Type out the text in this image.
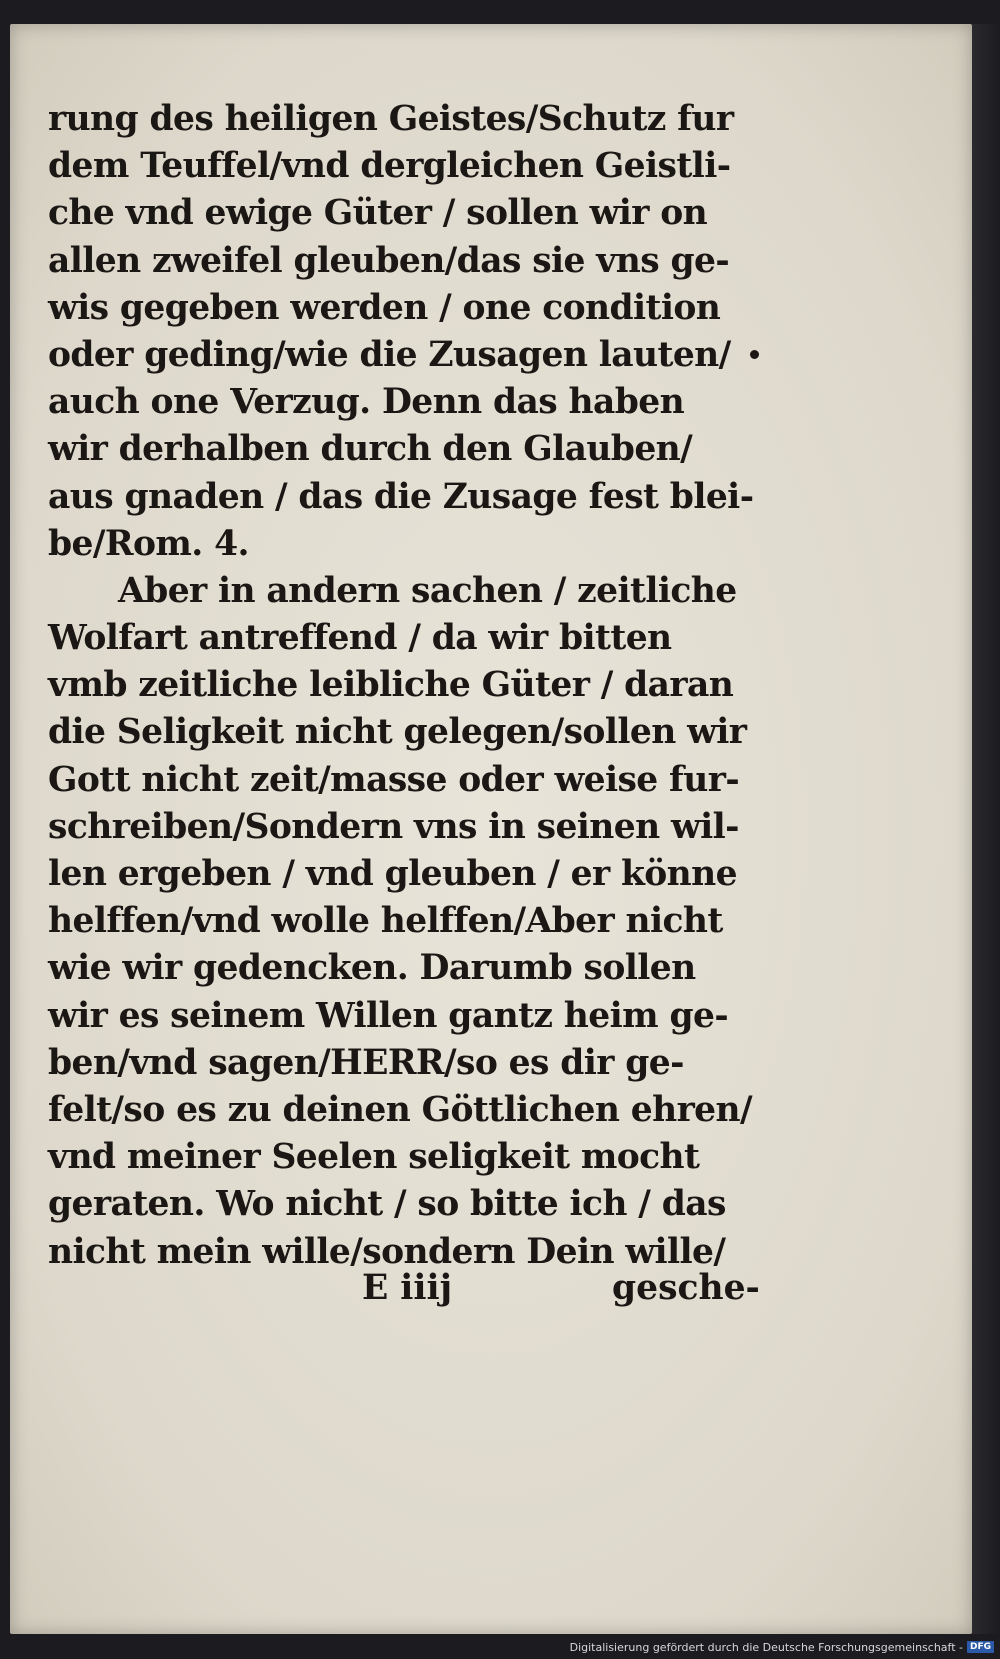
rung des heiligen Geistes/Schutz fur
dem Teuffel/vnd dergleichen Geistli-
che vnd ewige Güter / sollen wir on
allen zweifel gleuben/das sie vns ge-
wis gegeben werden / one condition
oder geding/wie die Zusagen lauten/
auch one Verzug. Denn das haben
wir derhalben durch den Glauben/
aus gnaden / das die Zusage fest blei-
be/Rom. 4.
Aber in andern sachen / zeitliche
Wolfart antreffend / da wir bitten
vmb zeitliche leibliche Güter / daran
die Seligkeit nicht gelegen/sollen wir
Gott nicht zeit/masse oder weise fur-
schreiben/Sondern vns in seinen wil-
len ergeben / vnd gleuben / er könne
helffen/vnd wolle helffen/Aber nicht
wie wir gedencken. Darumb sollen
wir es seinem Willen gantz heim ge-
ben/vnd sagen/HERR/so es dir ge-
felt/so es zu deinen Göttlichen ehren/
vnd meiner Seelen seligkeit mocht
geraten. Wo nicht / so bitte ich / das
nicht mein wille/sondern Dein wille/
E iiij	gesche-
Digitalisierung gefördert durch die Deutsche Forschungsgemeinschaft - DFG
